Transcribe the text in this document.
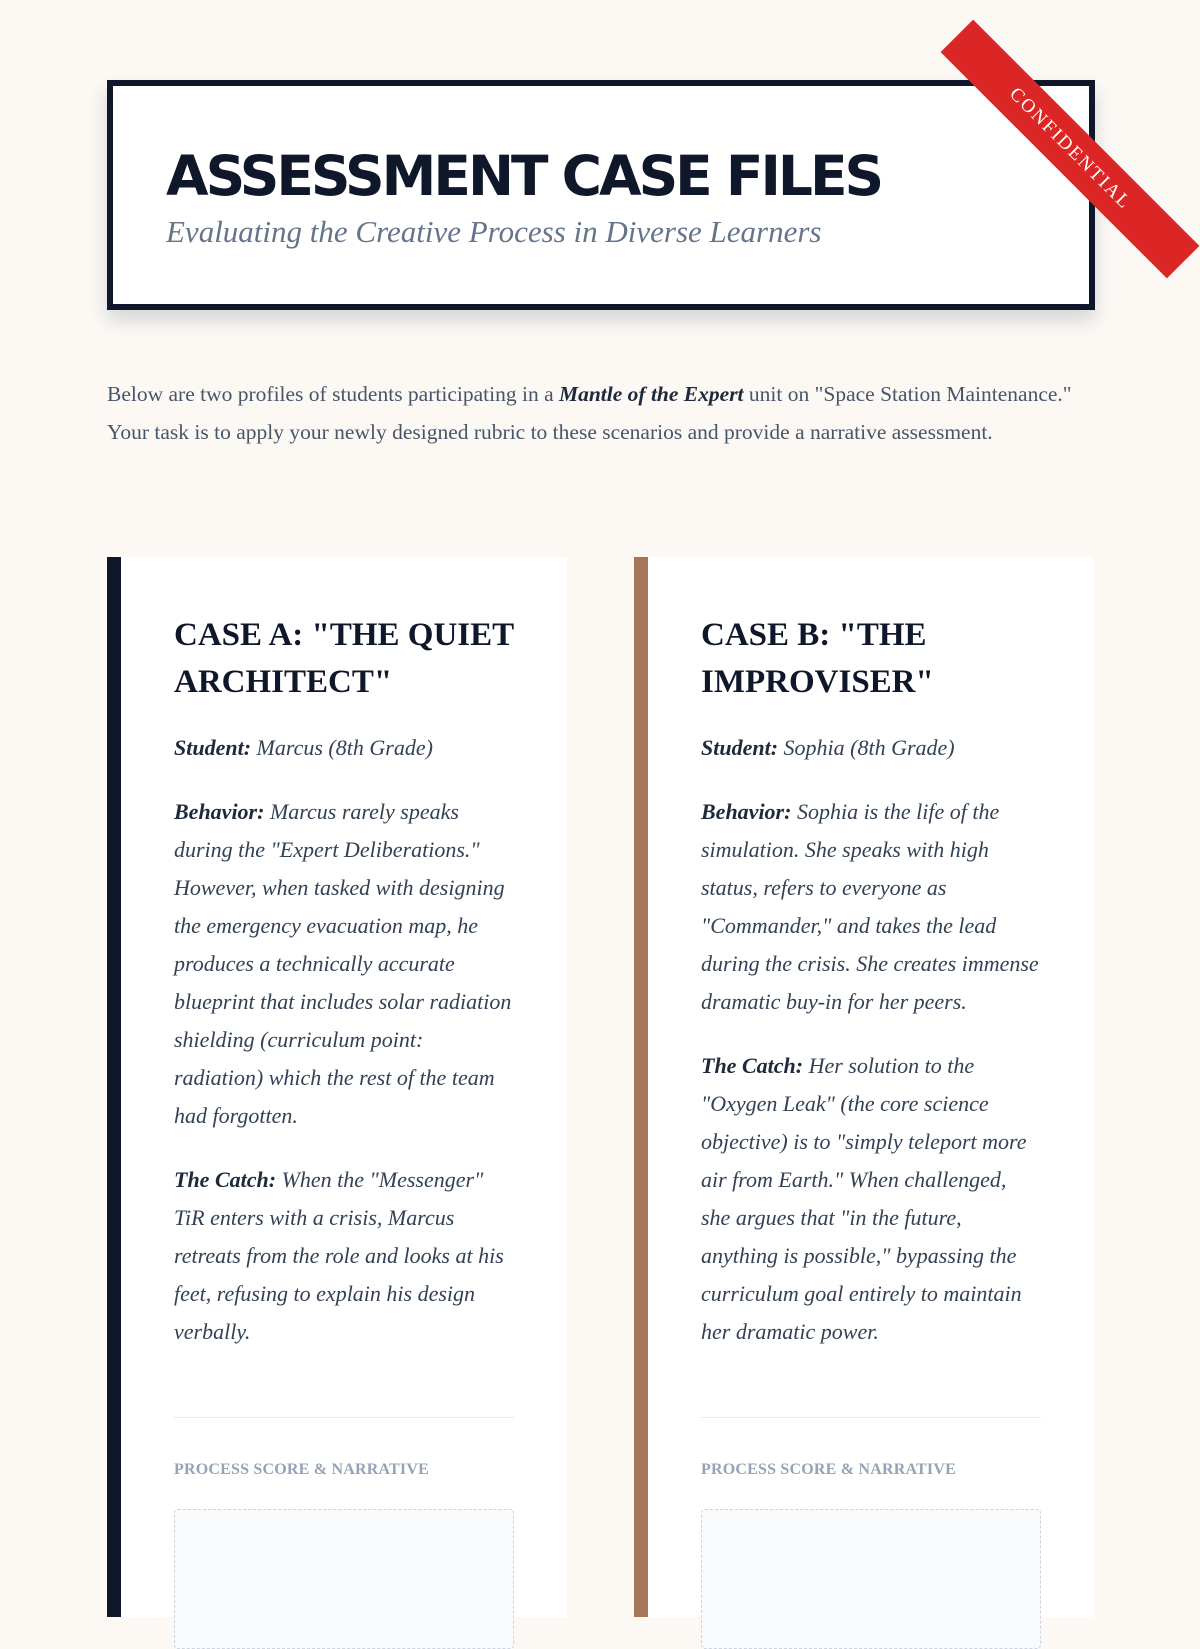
ASSESSMENT CASE FILES

Evaluating the Creative Process in Diverse Learners

CONFIDENTIAL

Below are two profiles of students participating in a Mantle of the Expert unit on "Space Station Maintenance." Your task is to apply your newly designed rubric to these scenarios and provide a narrative assessment.

CASE A: "THE QUIET ARCHITECT"

Student: Marcus (8th Grade)

Behavior: Marcus rarely speaks during the "Expert Deliberations." However, when tasked with designing the emergency evacuation map, he produces a technically accurate blueprint that includes solar radiation shielding (curriculum point: radiation) which the rest of the team had forgotten.

The Catch: When the "Messenger" TiR enters with a crisis, Marcus retreats from the role and looks at his feet, refusing to explain his design verbally.

PROCESS SCORE & NARRATIVE
CASE B: "THE IMPROVISER"

Student: Sophia (8th Grade)

Behavior: Sophia is the life of the simulation. She speaks with high status, refers to everyone as "Commander," and takes the lead during the crisis. She creates immense dramatic buy-in for her peers.

The Catch: Her solution to the "Oxygen Leak" (the core science objective) is to "simply teleport more air from Earth." When challenged, she argues that "in the future, anything is possible," bypassing the curriculum goal entirely to maintain her dramatic power.

PROCESS SCORE & NARRATIVE
